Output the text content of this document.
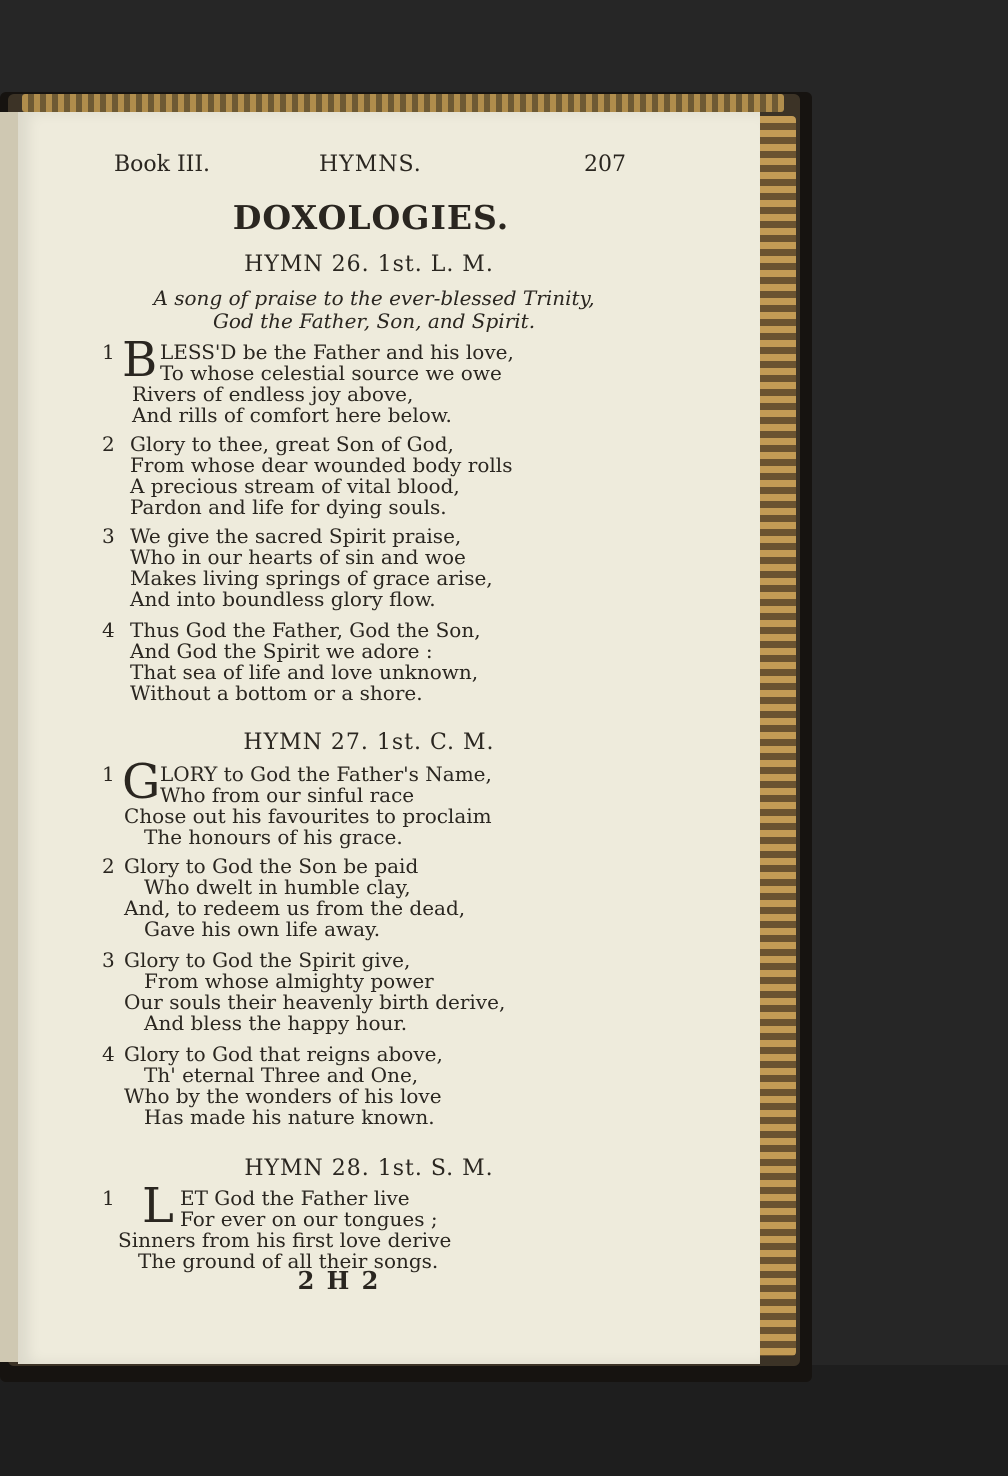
Book III.	HYMNS.	207
DOXOLOGIES.
HYMN 26. 1st. L. M.
A song of praise to the ever-blessed Trinity,
God the Father, Son, and Spirit.
1 B LESS'D be the Father and his love,
To whose celestial source we owe
Rivers of endless joy above,
And rills of comfort here below.
2 Glory to thee, great Son of God,
From whose dear wounded body rolls
A precious stream of vital blood,
Pardon and life for dying souls.
3 We give the sacred Spirit praise,
Who in our hearts of sin and woe
Makes living springs of grace arise,
And into boundless glory flow.
4 Thus God the Father, God the Son,
And God the Spirit we adore :
That sea of life and love unknown,
Without a bottom or a shore.
HYMN 27. 1st. C. M.
1 G LORY to God the Father's Name,
Who from our sinful race
Chose out his favourites to proclaim
The honours of his grace.
2 Glory to God the Son be paid
Who dwelt in humble clay,
And, to redeem us from the dead,
Gave his own life away.
3 Glory to God the Spirit give,
From whose almighty power
Our souls their heavenly birth derive,
And bless the happy hour.
4 Glory to God that reigns above,
Th' eternal Three and One,
Who by the wonders of his love
Has made his nature known.
HYMN 28. 1st. S. M.
1 L ET God the Father live
For ever on our tongues ;
Sinners from his first love derive
The ground of all their songs.
2 H 2
